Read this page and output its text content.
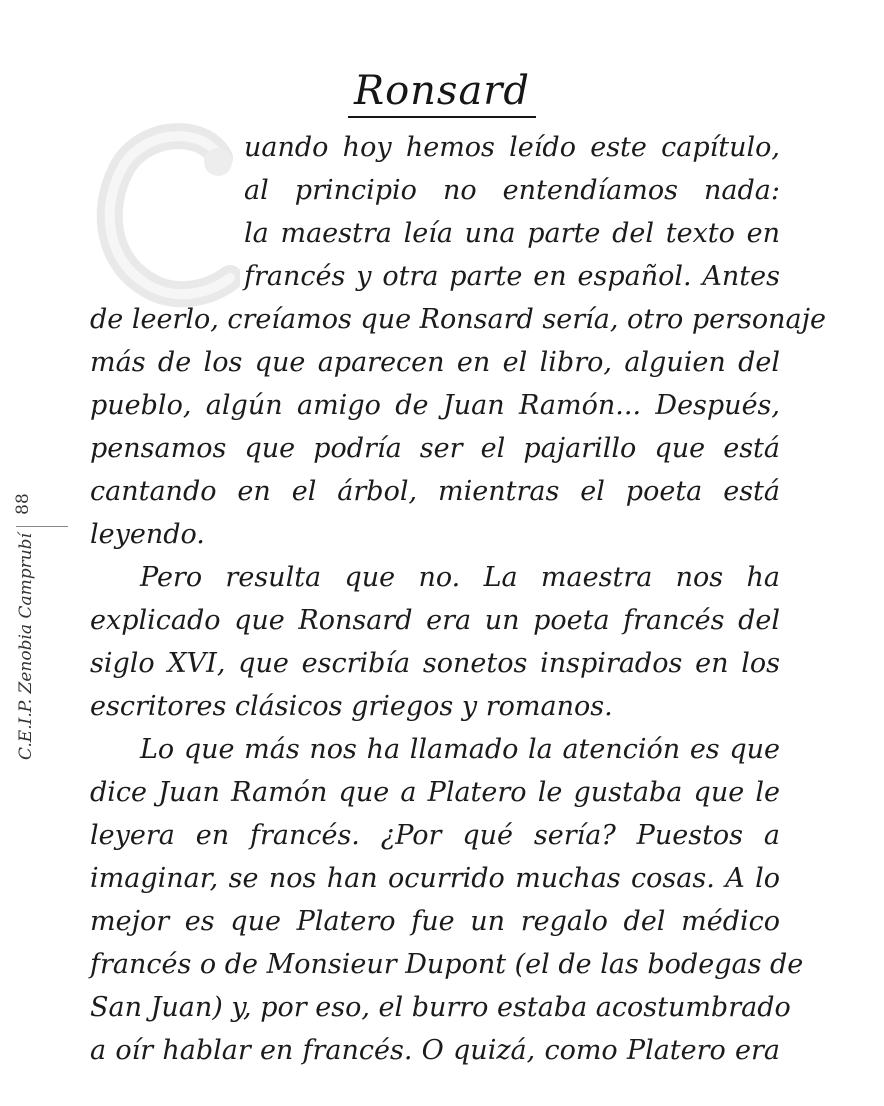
Ronsard
88
C.E.I.P. Zenobia Camprubí
uando hoy hemos leído este capítulo,
al principio no entendíamos nada:
la maestra leía una parte del texto en
francés y otra parte en español. Antes
de leerlo, creíamos que Ronsard sería, otro personaje
más de los que aparecen en el libro, alguien del
pueblo, algún amigo de Juan Ramón... Después,
pensamos que podría ser el pajarillo que está
cantando en el árbol, mientras el poeta está
leyendo.
Pero resulta que no. La maestra nos ha
explicado que Ronsard era un poeta francés del
siglo XVI, que escribía sonetos inspirados en los
escritores clásicos griegos y romanos.
Lo que más nos ha llamado la atención es que
dice Juan Ramón que a Platero le gustaba que le
leyera en francés. ¿Por qué sería? Puestos a
imaginar, se nos han ocurrido muchas cosas. A lo
mejor es que Platero fue un regalo del médico
francés o de Monsieur Dupont (el de las bodegas de
San Juan) y, por eso, el burro estaba acostumbrado
a oír hablar en francés. O quizá, como Platero era
